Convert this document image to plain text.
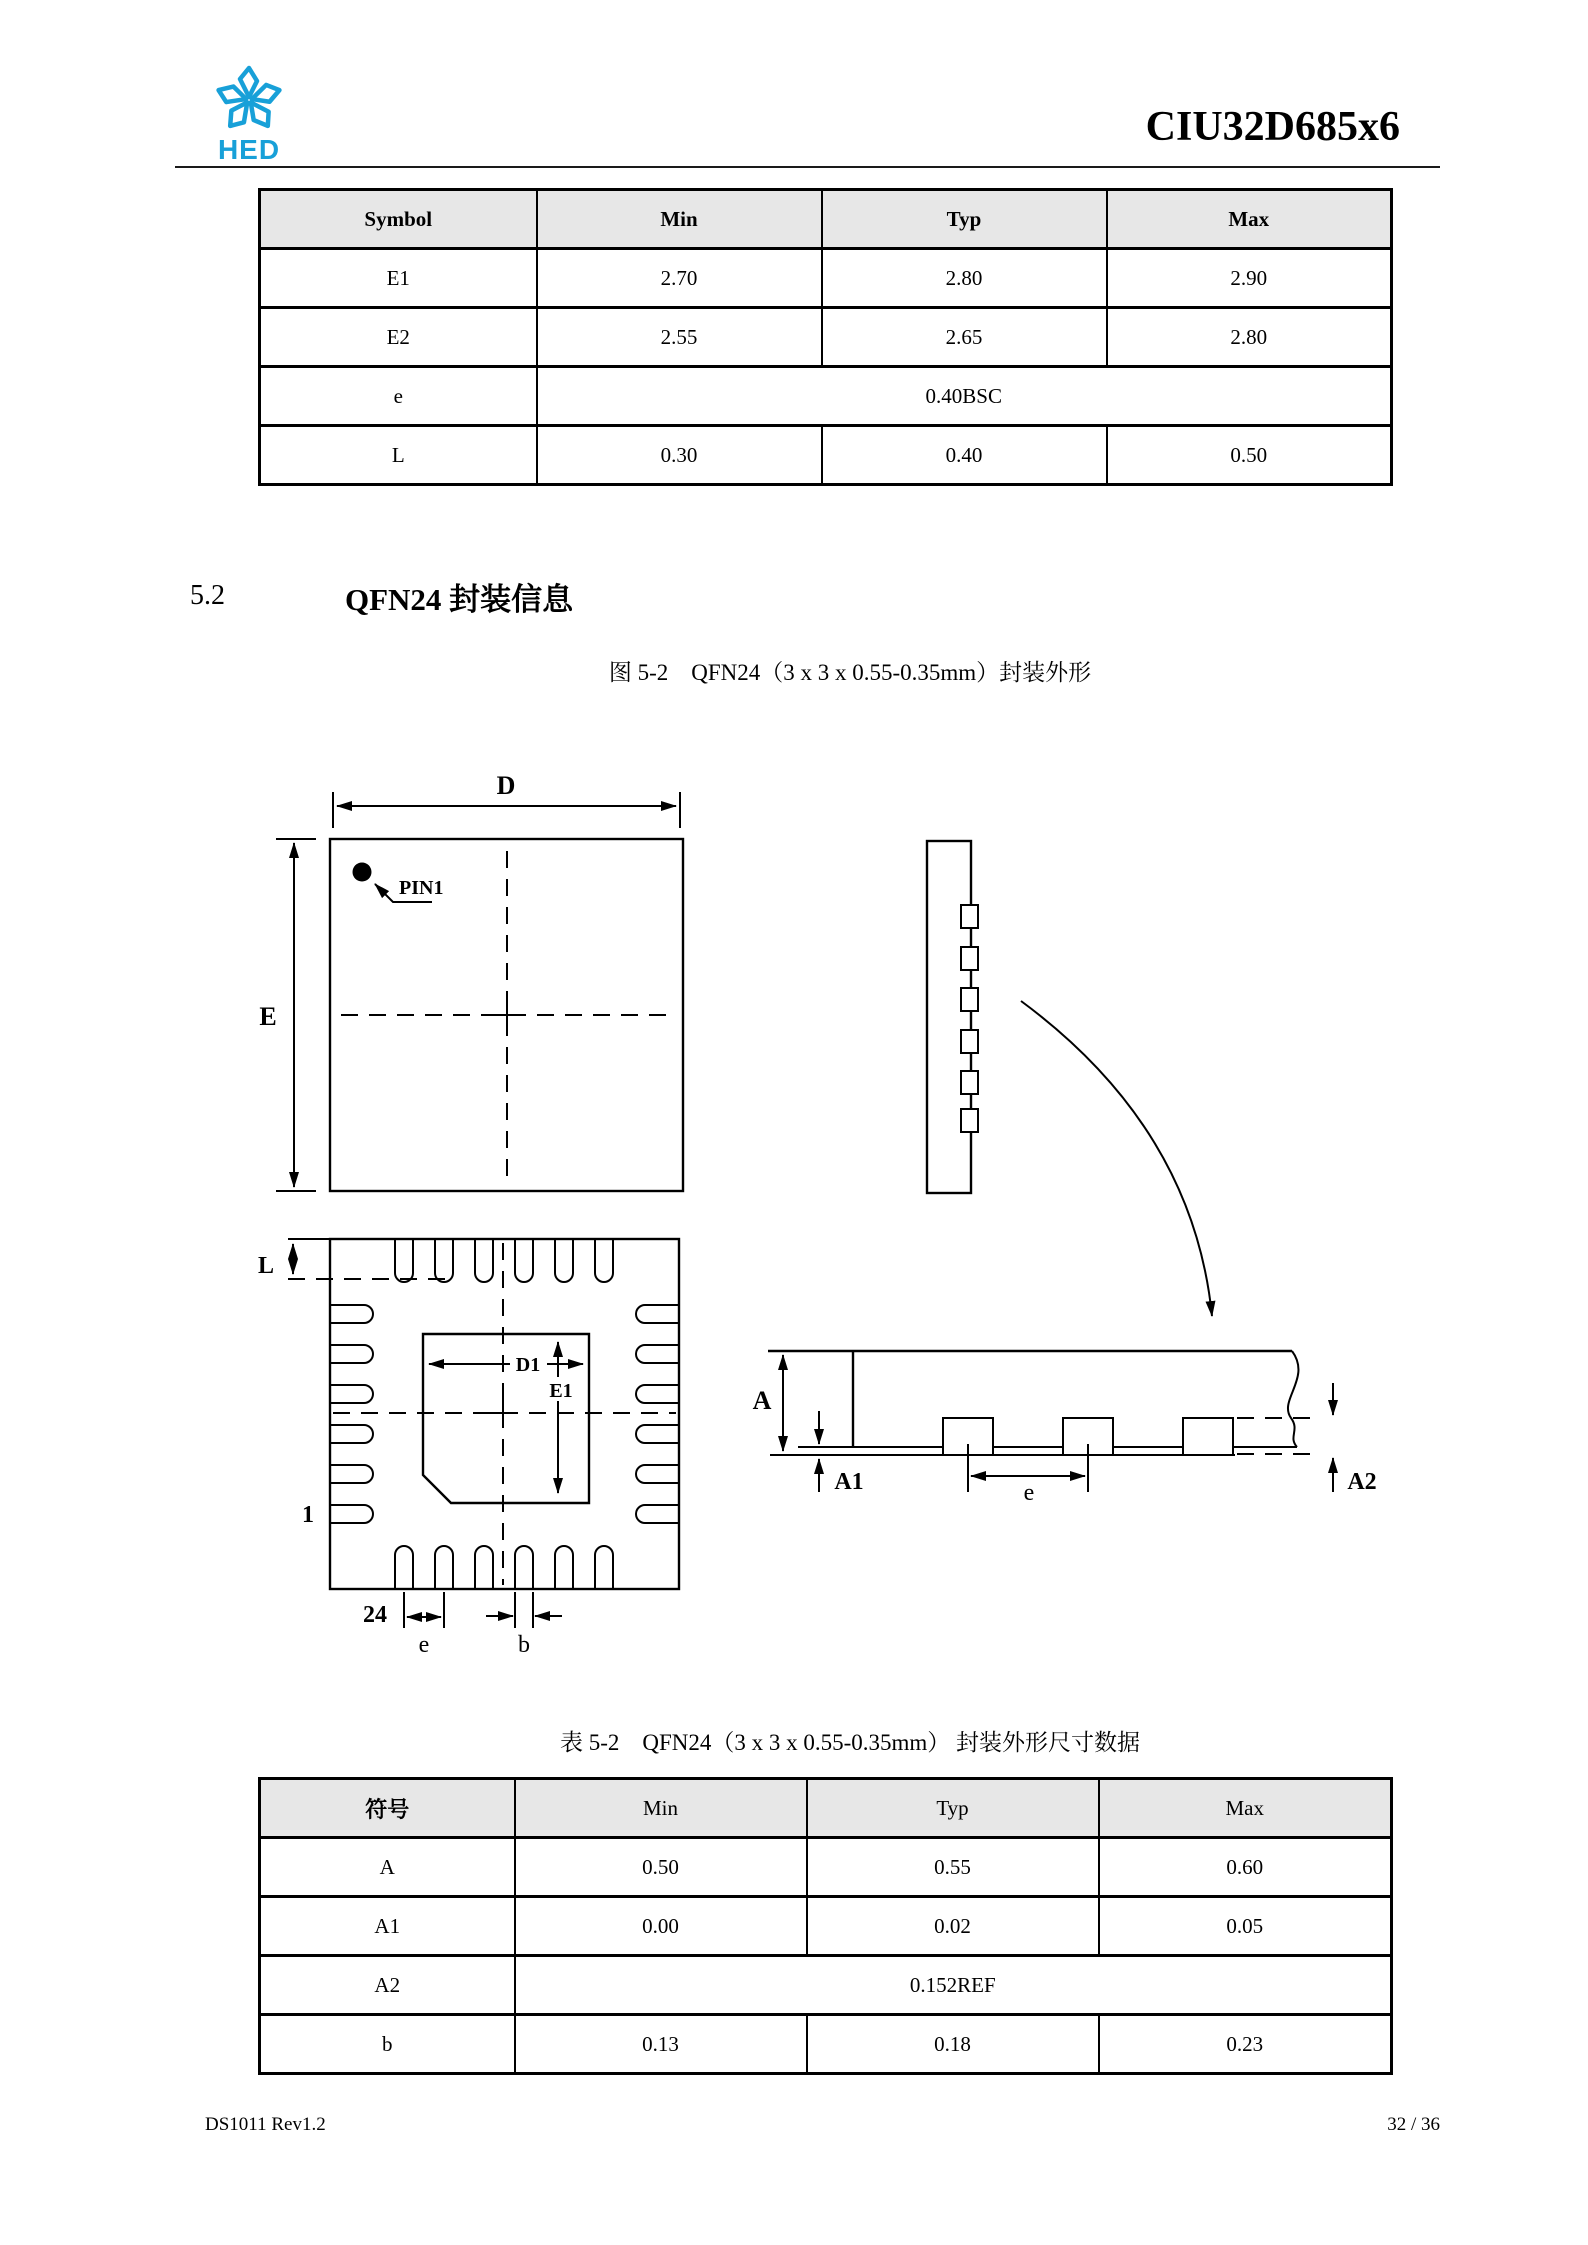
HED	CIU32D685x6
Symbol	Min	Typ	Max
E1	2.70	2.80	2.90
E2	2.55	2.65	2.80
e	0.40BSC		
L	0.30	0.40	0.50
5.2	QFN24 封装信息
图 5-2　QFN24（3 x 3 x 0.55-0.35mm）封装外形
D
E
PIN1
D1
E1
L
1
24
e	b
A
A1	A2
e
表 5-2　QFN24（3 x 3 x 0.55-0.35mm） 封装外形尺寸数据
符号	Min	Typ	Max
A	0.50	0.55	0.60
A1	0.00	0.02	0.05
A2	0.152REF		
b	0.13	0.18	0.23
DS1011 Rev1.2	32 / 36
